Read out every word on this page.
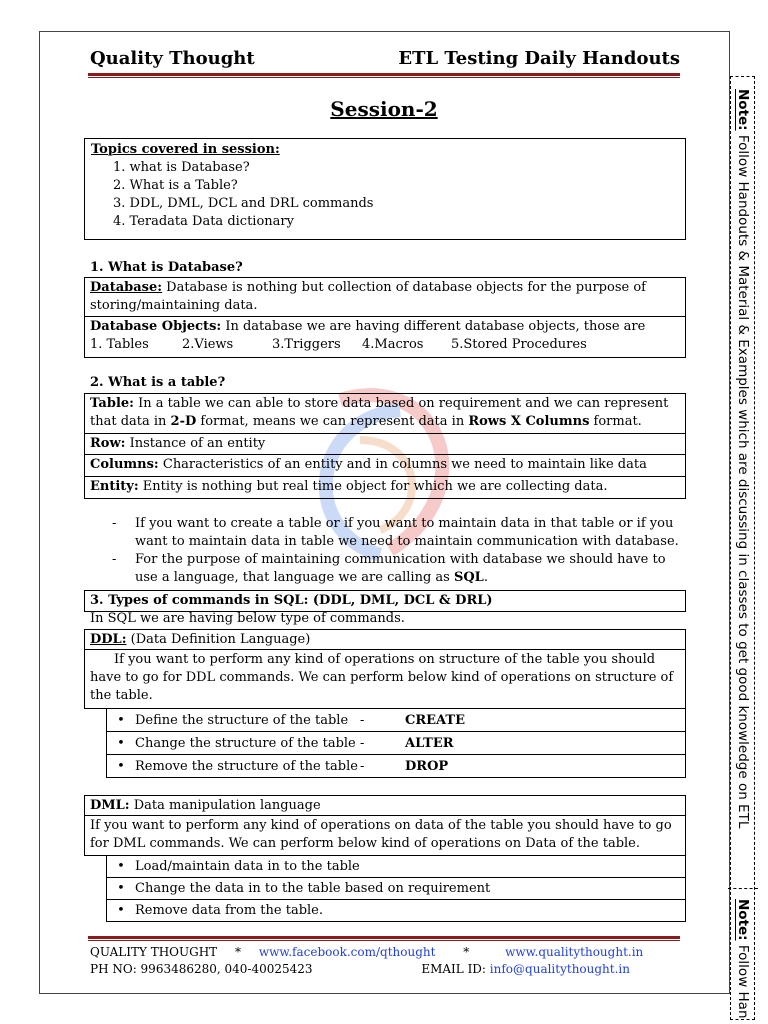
Quality Thought	ETL Testing Daily Handouts
Session-2
Topics covered in session:
1. what is Database?
2. What is a Table?
3. DDL, DML, DCL and DRL commands
4. Teradata Data dictionary
1. What is Database?
Database: Database is nothing but collection of database objects for the purpose of storing/maintaining data.
Database Objects: In database we are having different database objects, those are
1. Tables	2.Views	3.Triggers	4.Macros	5.Stored Procedures
2. What is a table?
Table: In a table we can able to store data based on requirement and we can represent that data in 2-D format, means we can represent data in Rows X Columns format.
Row: Instance of an entity
Columns: Characteristics of an entity and in columns we need to maintain like data
Entity: Entity is nothing but real time object for which we are collecting data.
- If you want to create a table or if you want to maintain data in that table or if you want to maintain data in table we need to maintain communication with database.
- For the purpose of maintaining communication with database we should have to use a language, that language we are calling as SQL.
3. Types of commands in SQL: (DDL, DML, DCL & DRL)
In SQL we are having below type of commands.
DDL: (Data Definition Language)
If you want to perform any kind of operations on structure of the table you should have to go for DDL commands. We can perform below kind of operations on structure of the table.
• Define the structure of the table -	CREATE
• Change the structure of the table -	ALTER
• Remove the structure of the table -	DROP
DML: Data manipulation language
If you want to perform any kind of operations on data of the table you should have to go for DML commands. We can perform below kind of operations on Data of the table.
• Load/maintain data in to the table
• Change the data in to the table based on requirement
• Remove data from the table.
QUALITY THOUGHT * www.facebook.com/qthought *	www.qualitythought.in
PH NO: 9963486280, 040-40025423	EMAIL ID: info@qualitythought.in
Note: Follow Handouts & Material & Examples which are discussing in classes to get good knowledge on ETL
Note: Follow Han
